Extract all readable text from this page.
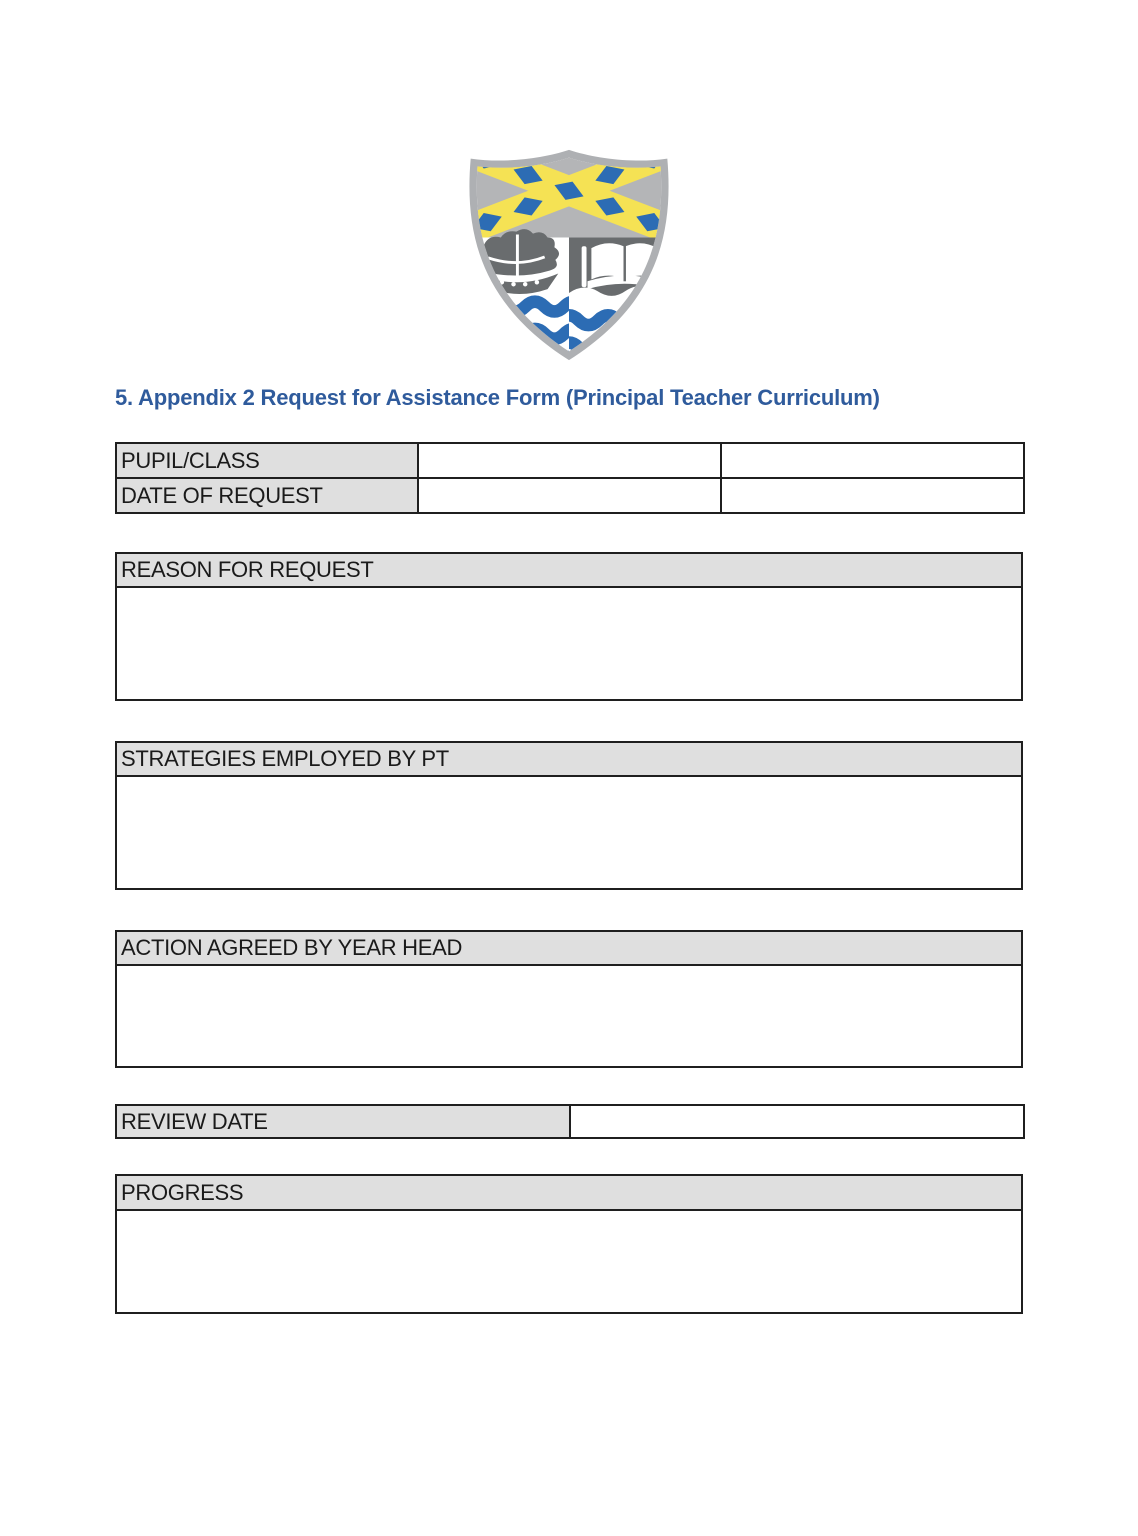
5. Appendix 2 Request for Assistance Form (Principal Teacher Curriculum)
PUPIL/CLASS		
DATE OF REQUEST		
REASON FOR REQUEST

STRATEGIES EMPLOYED BY PT

ACTION AGREED BY YEAR HEAD

REVIEW DATE	
PROGRESS
